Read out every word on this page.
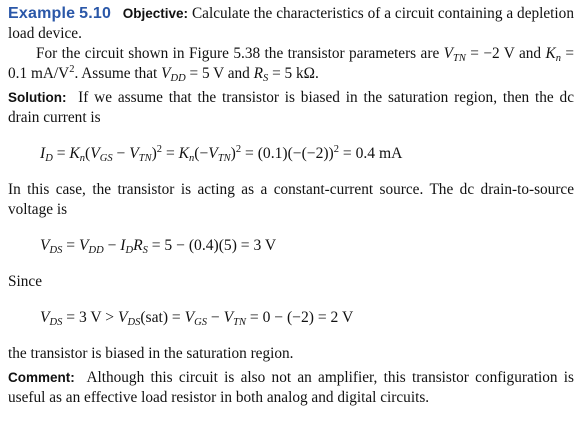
Example 5.10 Objective: Calculate the characteristics of a circuit containing a depletion load device.

For the circuit shown in Figure 5.38 the transistor parameters are $V_{TN} = -2$ V and $K_n = 0.1$ $mA/V^2$. Assume that $V_{DD} = 5$ V and $R_S = 5$ kΩ.

Solution: If we assume that the transistor is biased in the saturation region, then the dc drain current is

$I_D = K_n(V_{GS} - V_{TN})^2 = K_n(-V_{TN})^2 = (0.1)(-(-2))^2 = 0.4$ mA

In this case, the transistor is acting as a constant-current source. The dc drain-to-source voltage is

$V_{DS} = V_{DD} - I_DR_S = 5 - (0.4)(5) = 3$ V

Since

$V_{DS} = 3$ $V > V_{DS}(sat) = V_{GS} - V_{TN} = 0 - (-2) = 2$ V

the transistor is biased in the saturation region.

Comment: Although this circuit is also not an amplifier, this transistor configuration is useful as an effective load resistor in both analog and digital circuits.
